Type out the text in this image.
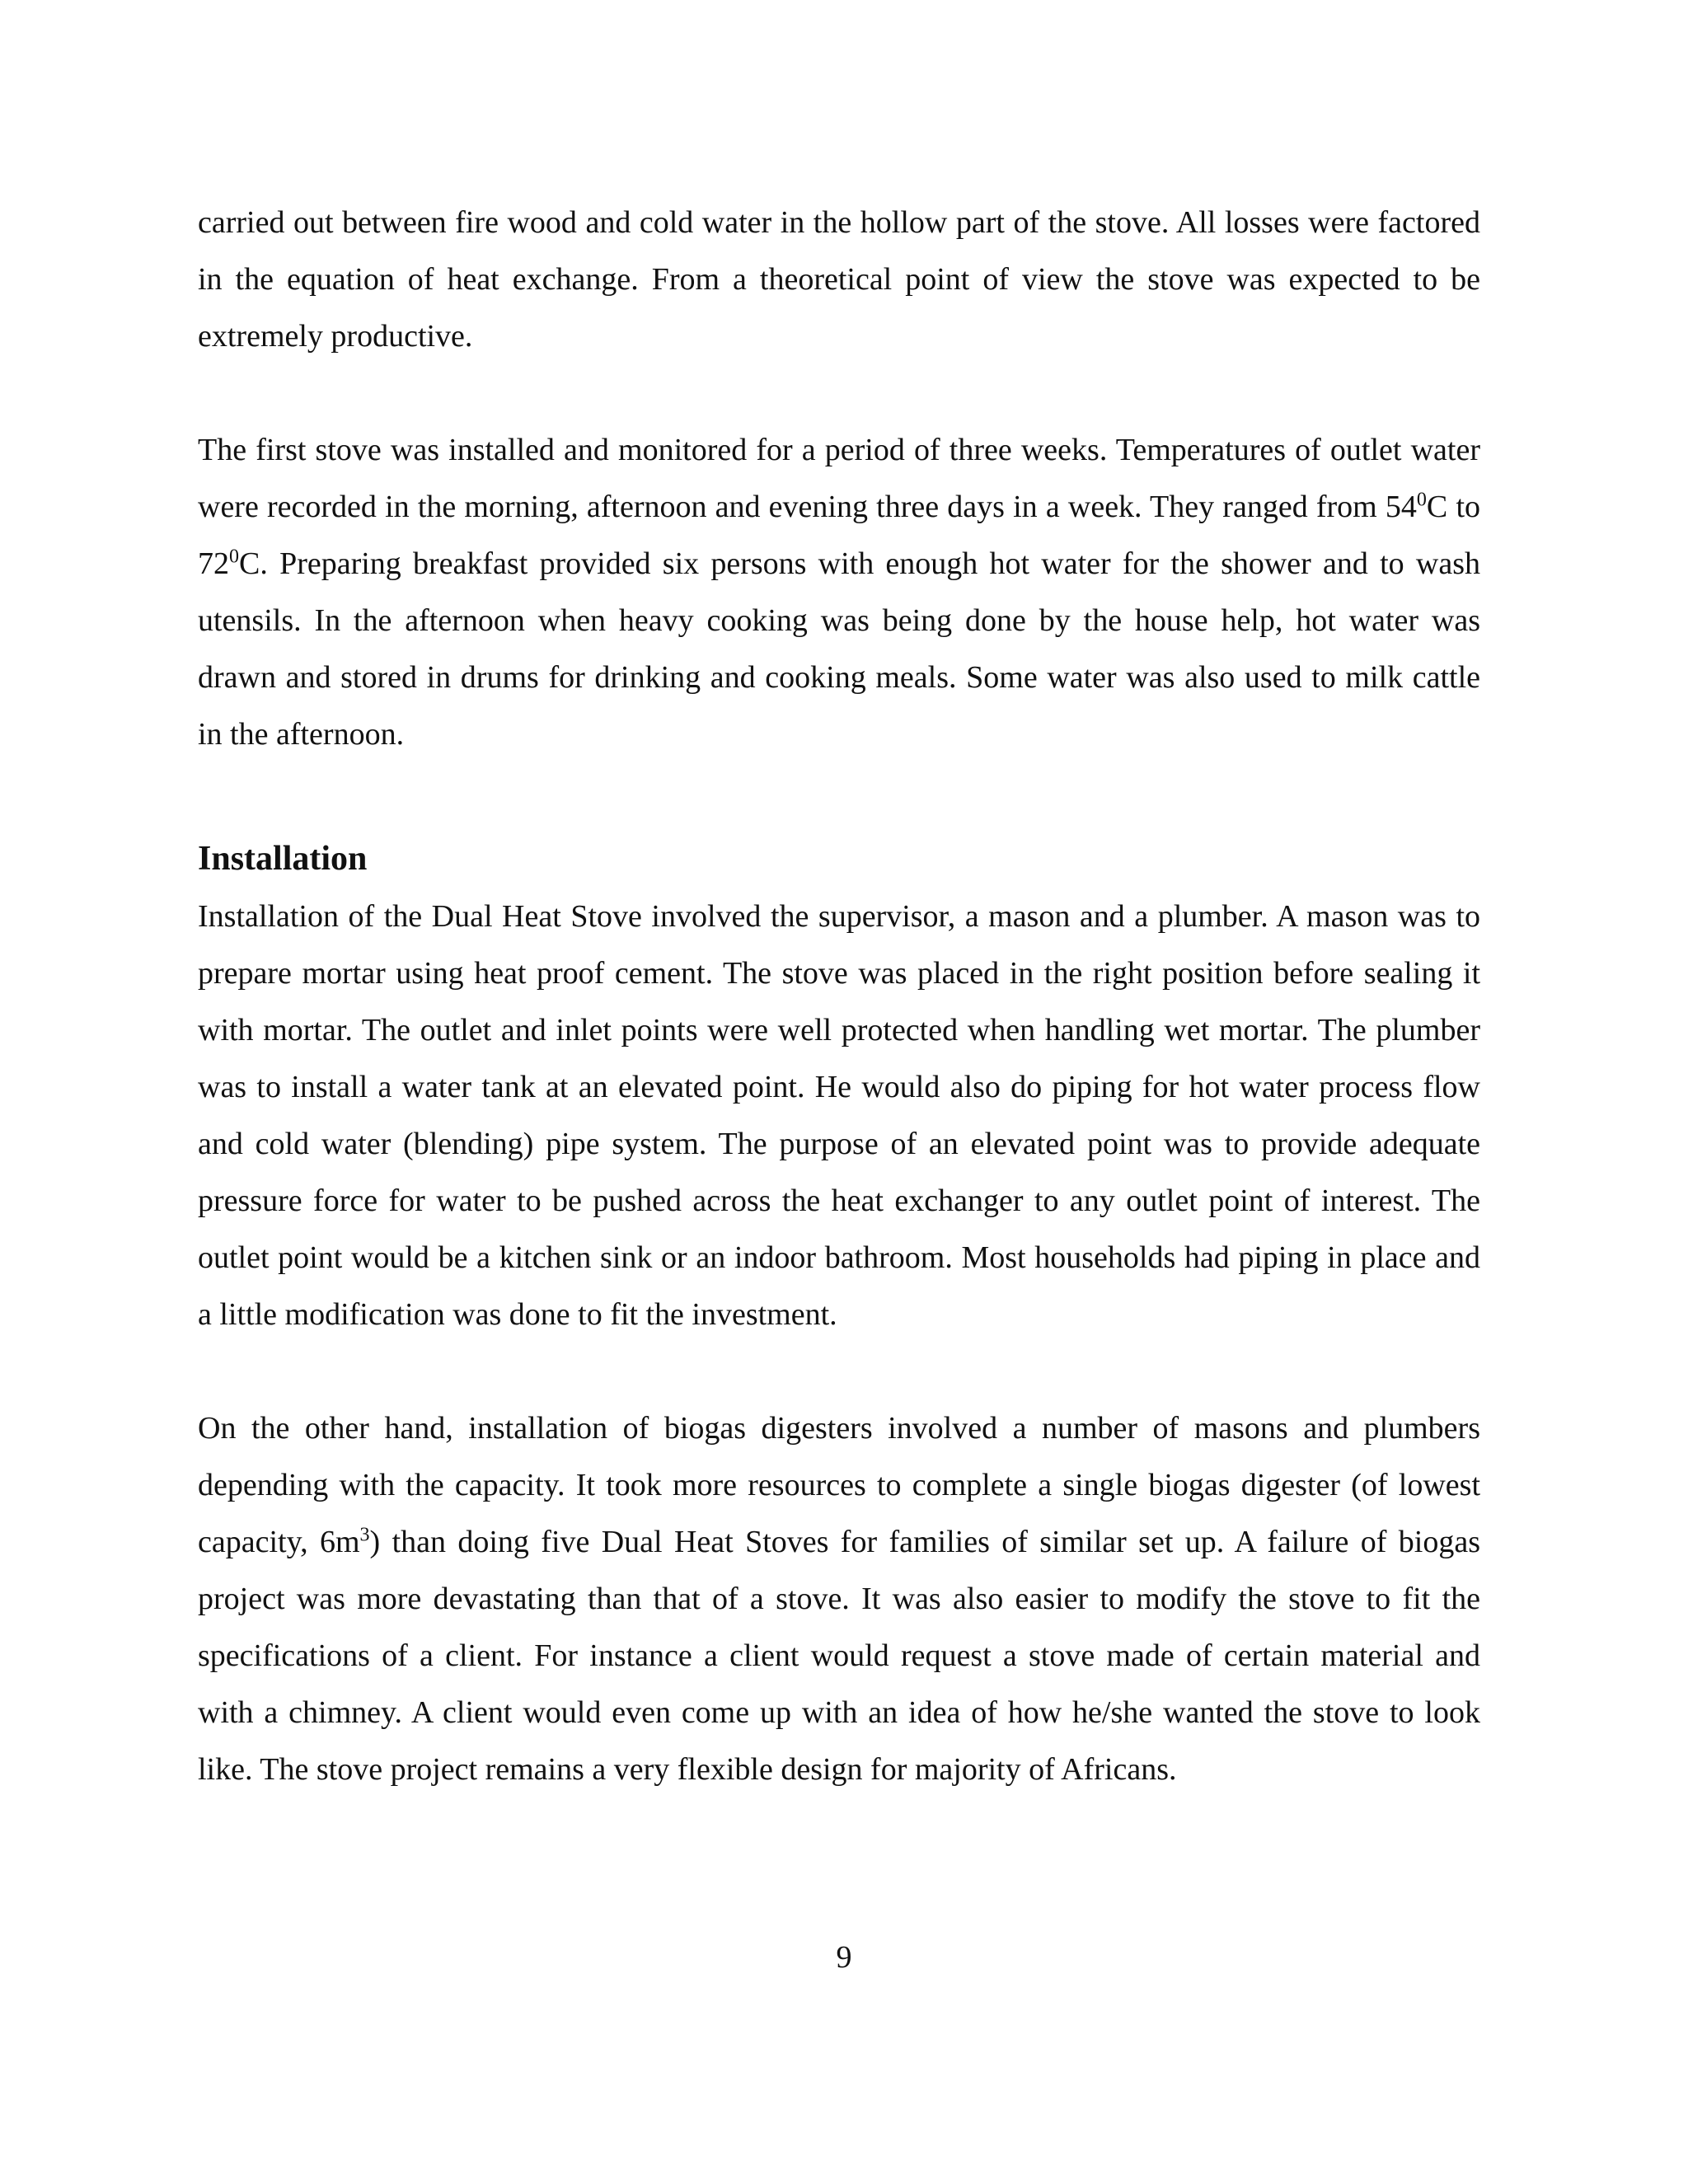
carried out between fire wood and cold water in the hollow part of the stove. All losses were factored in the equation of heat exchange. From a theoretical point of view the stove was expected to be extremely productive.

The first stove was installed and monitored for a period of three weeks. Temperatures of outlet water were recorded in the morning, afternoon and evening three days in a week. They ranged from $54^0C$ to $72^0C$. Preparing breakfast provided six persons with enough hot water for the shower and to wash utensils. In the afternoon when heavy cooking was being done by the house help, hot water was drawn and stored in drums for drinking and cooking meals. Some water was also used to milk cattle in the afternoon.

Installation

Installation of the Dual Heat Stove involved the supervisor, a mason and a plumber. A mason was to prepare mortar using heat proof cement. The stove was placed in the right position before sealing it with mortar. The outlet and inlet points were well protected when handling wet mortar. The plumber was to install a water tank at an elevated point. He would also do piping for hot water process flow and cold water (blending) pipe system. The purpose of an elevated point was to provide adequate pressure force for water to be pushed across the heat exchanger to any outlet point of interest. The outlet point would be a kitchen sink or an indoor bathroom. Most households had piping in place and a little modification was done to fit the investment.

On the other hand, installation of biogas digesters involved a number of masons and plumbers depending with the capacity. It took more resources to complete a single biogas digester (of lowest capacity, $6m^3$) than doing five Dual Heat Stoves for families of similar set up. A failure of biogas project was more devastating than that of a stove. It was also easier to modify the stove to fit the specifications of a client. For instance a client would request a stove made of certain material and with a chimney. A client would even come up with an idea of how he/she wanted the stove to look like. The stove project remains a very flexible design for majority of Africans.

9
